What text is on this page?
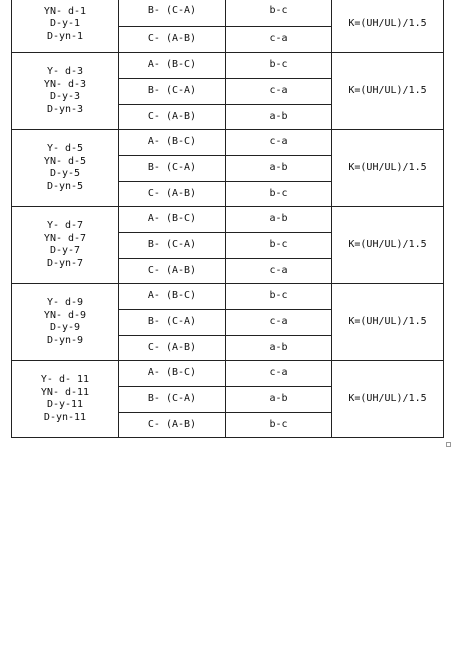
YN- d-1
D-y-1
D-yn-1	B- (C-A)	b-c	K=(UH/UL)/1.5
	C- (A-B)	c-a	

Y- d-3
YN- d-3
D-y-3
D-yn-3	A- (B-C)	b-c	K=(UH/UL)/1.5
	B- (C-A)	c-a	
	C- (A-B)	a-b	

Y- d-5
YN- d-5
D-y-5
D-yn-5	A- (B-C)	c-a	K=(UH/UL)/1.5
	B- (C-A)	a-b	
	C- (A-B)	b-c	

Y- d-7
YN- d-7
D-y-7
D-yn-7	A- (B-C)	a-b	K=(UH/UL)/1.5
	B- (C-A)	b-c	
	C- (A-B)	c-a	

Y- d-9
YN- d-9
D-y-9
D-yn-9	A- (B-C)	b-c	K=(UH/UL)/1.5
	B- (C-A)	c-a	
	C- (A-B)	a-b	

Y- d- 11
YN- d-11
D-y-11
D-yn-11	A- (B-C)	c-a	K=(UH/UL)/1.5
	B- (C-A)	a-b	
	C- (A-B)	b-c	
